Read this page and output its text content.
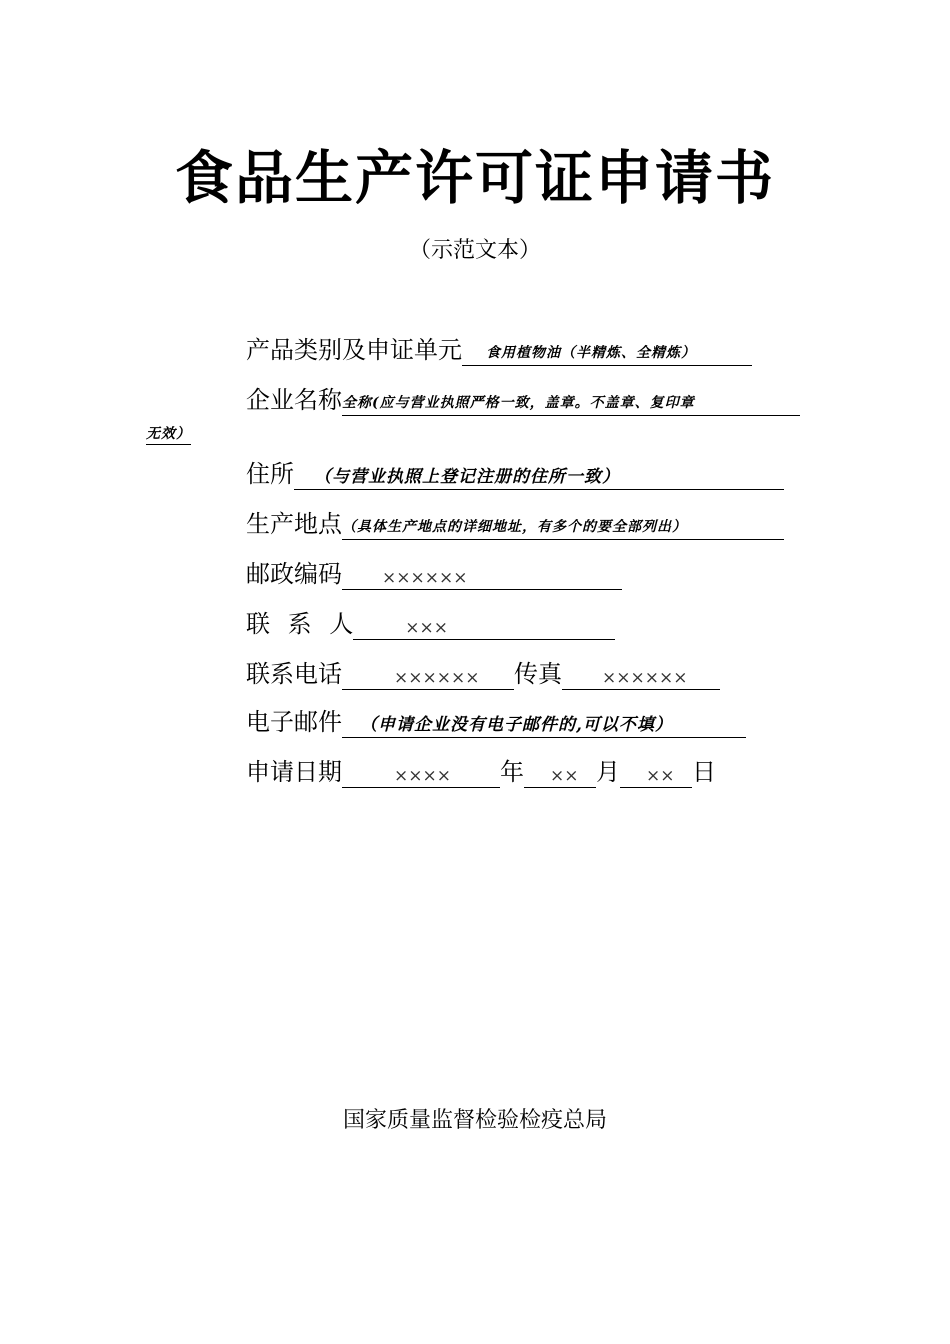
食品生产许可证申请书
（示范文本）
产品类别及申证单元 食用植物油（半精炼、全精炼）
企业名称全称(应与营业执照严格一致，盖章。不盖章、复印章
无效）
住所 （与营业执照上登记注册的住所一致）
生产地点（具体生产地点的详细地址，有多个的要全部列出）
邮政编码 ××××××
联 系 人	×××
联系电话	×××××× 传真 ××××××
电子邮件 （申请企业没有电子邮件的,可以不填）
申请日期	×××× 年 ×× 月 ×× 日
国家质量监督检验检疫总局
